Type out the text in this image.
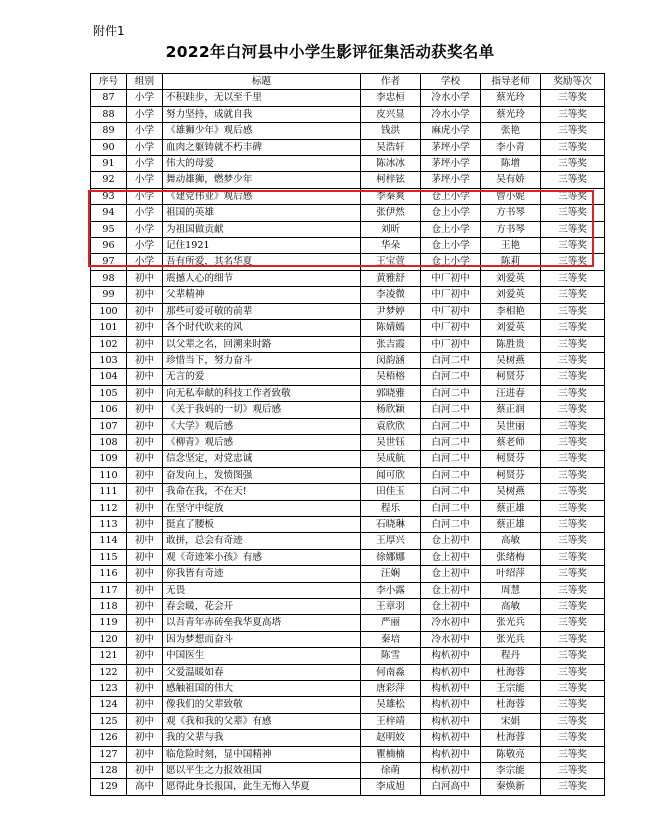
附件1
2022年白河县中小学生影评征集活动获奖名单
序号	组别	标题	作者	学校	指导老师	奖励等次
87	小学	不积跬步，无以至千里	李忠桓	冷水小学	蔡光玲	三等奖
88	小学	努力坚持，成就自我	皮兴显	冷水小学	蔡光玲	三等奖
89	小学	《雄狮少年》观后感	钱洪	麻虎小学	张艳	三等奖
90	小学	血肉之躯铸就不朽丰碑	吴浩轩	茅坪小学	李小青	三等奖
91	小学	伟大的母爱	陈冰冰	茅坪小学	陈增	三等奖
92	小学	舞动雄狮，燃梦少年	柯梓铉	茅坪小学	吴有娇	三等奖
93	小学	《建党伟业》观后感	李秦爽	仓上小学	曾小妮	三等奖
94	小学	祖国的英雄	张伊然	仓上小学	方书琴	三等奖
95	小学	为祖国做贡献	刘昕	仓上小学	方书琴	三等奖
96	小学	记住1921	华朵	仓上小学	王艳	三等奖
97	小学	吾有所爱，其名华夏	王宝萱	仓上小学	陈莉	三等奖
98	初中	震撼人心的细节	黄雅舒	中厂初中	刘爱英	三等奖
99	初中	父辈精神	李凌微	中厂初中	刘爱英	三等奖
100	初中	那些可爱可敬的前辈	尹梦婷	中厂初中	李相艳	三等奖
101	初中	各个时代吹来的风	陈婧嫣	中厂初中	刘爱英	三等奖
102	初中	以父辈之名，回溯来时路	张吉霞	中厂初中	陈胜贵	三等奖
103	初中	珍惜当下，努力奋斗	闵韵涵	白河二中	吴树燕	三等奖
104	初中	无言的爱	吴梧榕	白河二中	柯贤芬	三等奖
105	初中	向无私奉献的科技工作者致敬	郭晓雅	白河二中	汪进春	三等奖
106	初中	《关于我妈的一切》观后感	杨欣颖	白河二中	蔡正润	三等奖
107	初中	《大学》观后感	袁欣欣	白河二中	吴世丽	三等奖
108	初中	《柳青》观后感	吴世钰	白河二中	蔡老师	三等奖
109	初中	信念坚定，对党忠诚	吴成航	白河二中	柯贤芬	三等奖
110	初中	奋发向上，发愤图强	闻可欣	白河二中	柯贤芬	三等奖
111	初中	我命在我，不在天!	田佳玉	白河二中	吴树燕	三等奖
112	初中	在坚守中绽放	程乐	白河二中	蔡正雄	三等奖
113	初中	挺直了腰板	石晓琳	白河二中	蔡正雄	三等奖
114	初中	敢拼，总会有奇迹	王厚兴	仓上初中	高敏	三等奖
115	初中	观《奇迹笨小孩》有感	徐娜娜	仓上初中	张绪梅	三等奖
116	初中	你我皆有奇迹	汪娴	仓上初中	叶绍萍	三等奖
117	初中	无畏	李小露	仓上初中	周慧	三等奖
118	初中	春会暖，花会开	王章羽	仓上初中	高敏	三等奖
119	初中	以吾青年赤砖垒我华夏高塔	严丽	冷水初中	张光兵	三等奖
120	初中	因为梦想而奋斗	秦培	冷水初中	张光兵	三等奖
121	初中	中国医生	陈雪	构朳初中	程丹	三等奖
122	初中	父爱温暖如春	何南淼	构朳初中	杜海蓉	三等奖
123	初中	感触祖国的伟大	唐彩萍	构朳初中	王宗能	三等奖
124	初中	像我们的父辈致敬	吴雄松	构朳初中	杜海蓉	三等奖
125	初中	观《我和我的父辈》有感	王梓靖	构朳初中	宋娟	三等奖
126	初中	我的父辈与我	赵明姣	构朳初中	杜海蓉	三等奖
127	初中	临危险时刻，显中国精神	瞿楠楠	构朳初中	陈敬亮	三等奖
128	初中	愿以平生之力报效祖国	徐萌	构朳初中	李宗能	三等奖
129	高中	愿得此身长报国，此生无悔入华夏	李成旭	白河高中	秦焕新	三等奖
